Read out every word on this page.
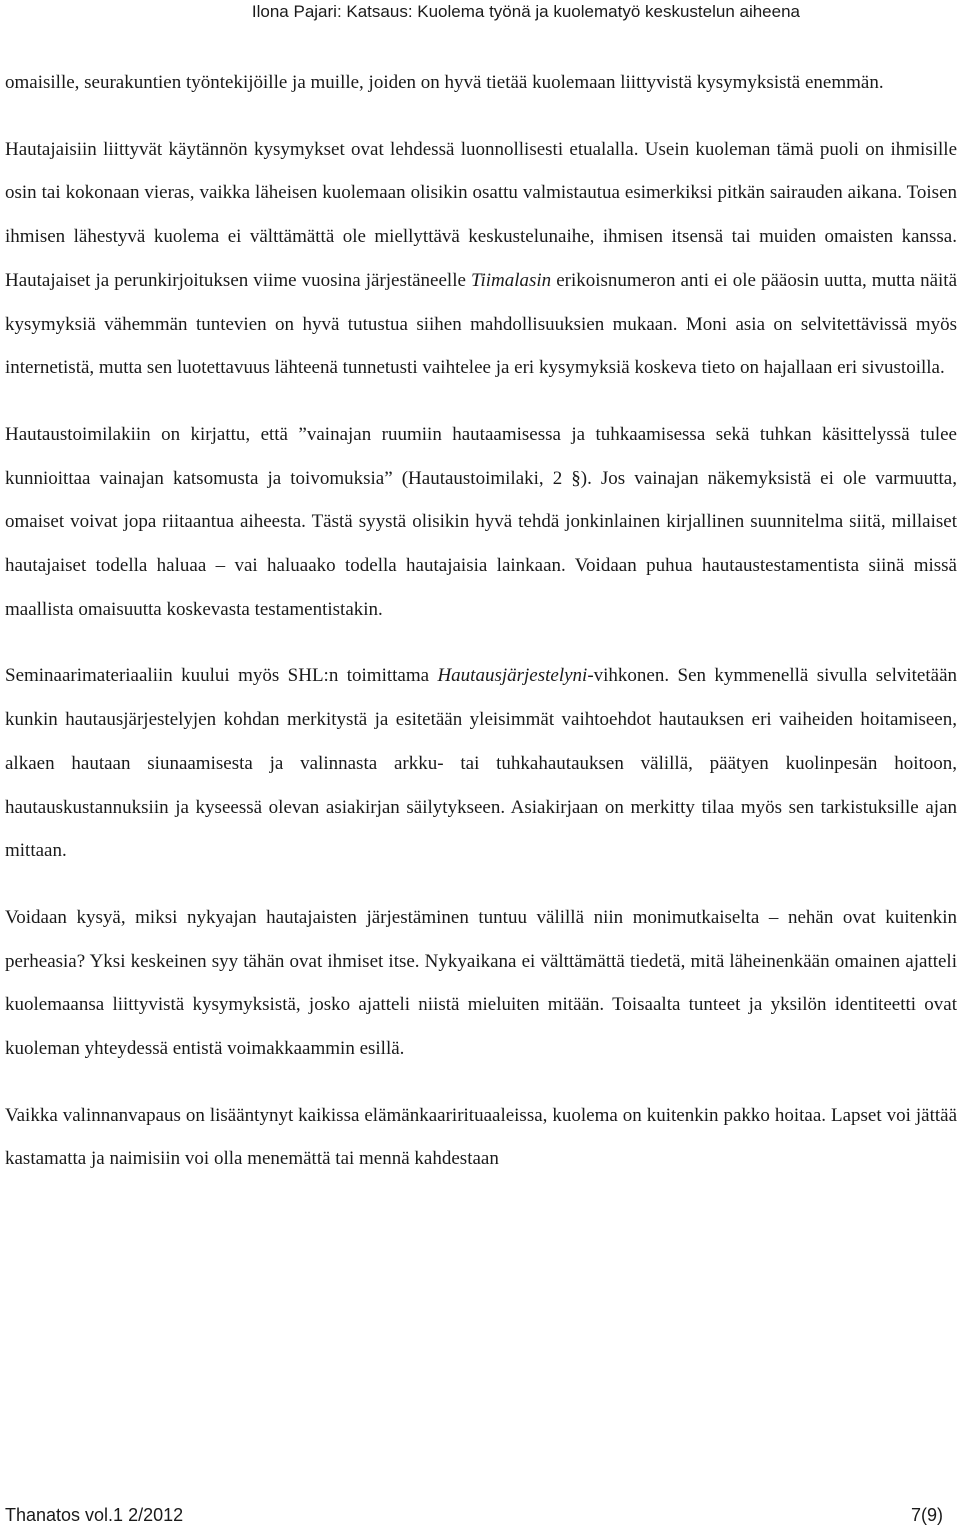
Ilona Pajari: Katsaus: Kuolema työnä ja kuolematyö keskustelun aiheena

omaisille, seurakuntien työntekijöille ja muille, joiden on hyvä tietää kuolemaan liittyvistä kysymyksistä enemmän.

Hautajaisiin liittyvät käytännön kysymykset ovat lehdessä luonnollisesti etualalla. Usein kuoleman tämä puoli on ihmisille osin tai kokonaan vieras, vaikka läheisen kuolemaan olisikin osattu valmistautua esimerkiksi pitkän sairauden aikana. Toisen ihmisen lähestyvä kuolema ei välttämättä ole miellyttävä keskustelunaihe, ihmisen itsensä tai muiden omaisten kanssa. Hautajaiset ja perunkirjoituksen viime vuosina järjestäneelle Tiimalasin erikoisnumeron anti ei ole pääosin uutta, mutta näitä kysymyksiä vähemmän tuntevien on hyvä tutustua siihen mahdollisuuksien mukaan. Moni asia on selvitettävissä myös internetistä, mutta sen luotettavuus lähteenä tunnetusti vaihtelee ja eri kysymyksiä koskeva tieto on hajallaan eri sivustoilla.

Hautaustoimilakiin on kirjattu, että ”vainajan ruumiin hautaamisessa ja tuhkaamisessa sekä tuhkan käsittelyssä tulee kunnioittaa vainajan katsomusta ja toivomuksia” (Hautaustoimilaki, 2 §). Jos vainajan näkemyksistä ei ole varmuutta, omaiset voivat jopa riitaantua aiheesta. Tästä syystä olisikin hyvä tehdä jonkinlainen kirjallinen suunnitelma siitä, millaiset hautajaiset todella haluaa – vai haluaako todella hautajaisia lainkaan. Voidaan puhua hautaustestamentista siinä missä maallista omaisuutta koskevasta testamentistakin.

Seminaarimateriaaliin kuului myös SHL:n toimittama Hautausjärjestelyni-vihkonen. Sen kymmenellä sivulla selvitetään kunkin hautausjärjestelyjen kohdan merkitystä ja esitetään yleisimmät vaihtoehdot hautauksen eri vaiheiden hoitamiseen, alkaen hautaan siunaamisesta ja valinnasta arkku- tai tuhkahautauksen välillä, päätyen kuolinpesän hoitoon, hautauskustannuksiin ja kyseessä olevan asiakirjan säilytykseen. Asiakirjaan on merkitty tilaa myös sen tarkistuksille ajan mittaan.

Voidaan kysyä, miksi nykyajan hautajaisten järjestäminen tuntuu välillä niin monimutkaiselta – nehän ovat kuitenkin perheasia? Yksi keskeinen syy tähän ovat ihmiset itse. Nykyaikana ei välttämättä tiedetä, mitä läheinenkään omainen ajatteli kuolemaansa liittyvistä kysymyksistä, josko ajatteli niistä mieluiten mitään. Toisaalta tunteet ja yksilön identiteetti ovat kuoleman yhteydessä entistä voimakkaammin esillä.

Vaikka valinnanvapaus on lisääntynyt kaikissa elämänkaarirituaaleissa, kuolema on kuitenkin pakko hoitaa. Lapset voi jättää kastamatta ja naimisiin voi olla menemättä tai mennä kahdestaan

Thanatos vol.1 2/2012	7(9)
